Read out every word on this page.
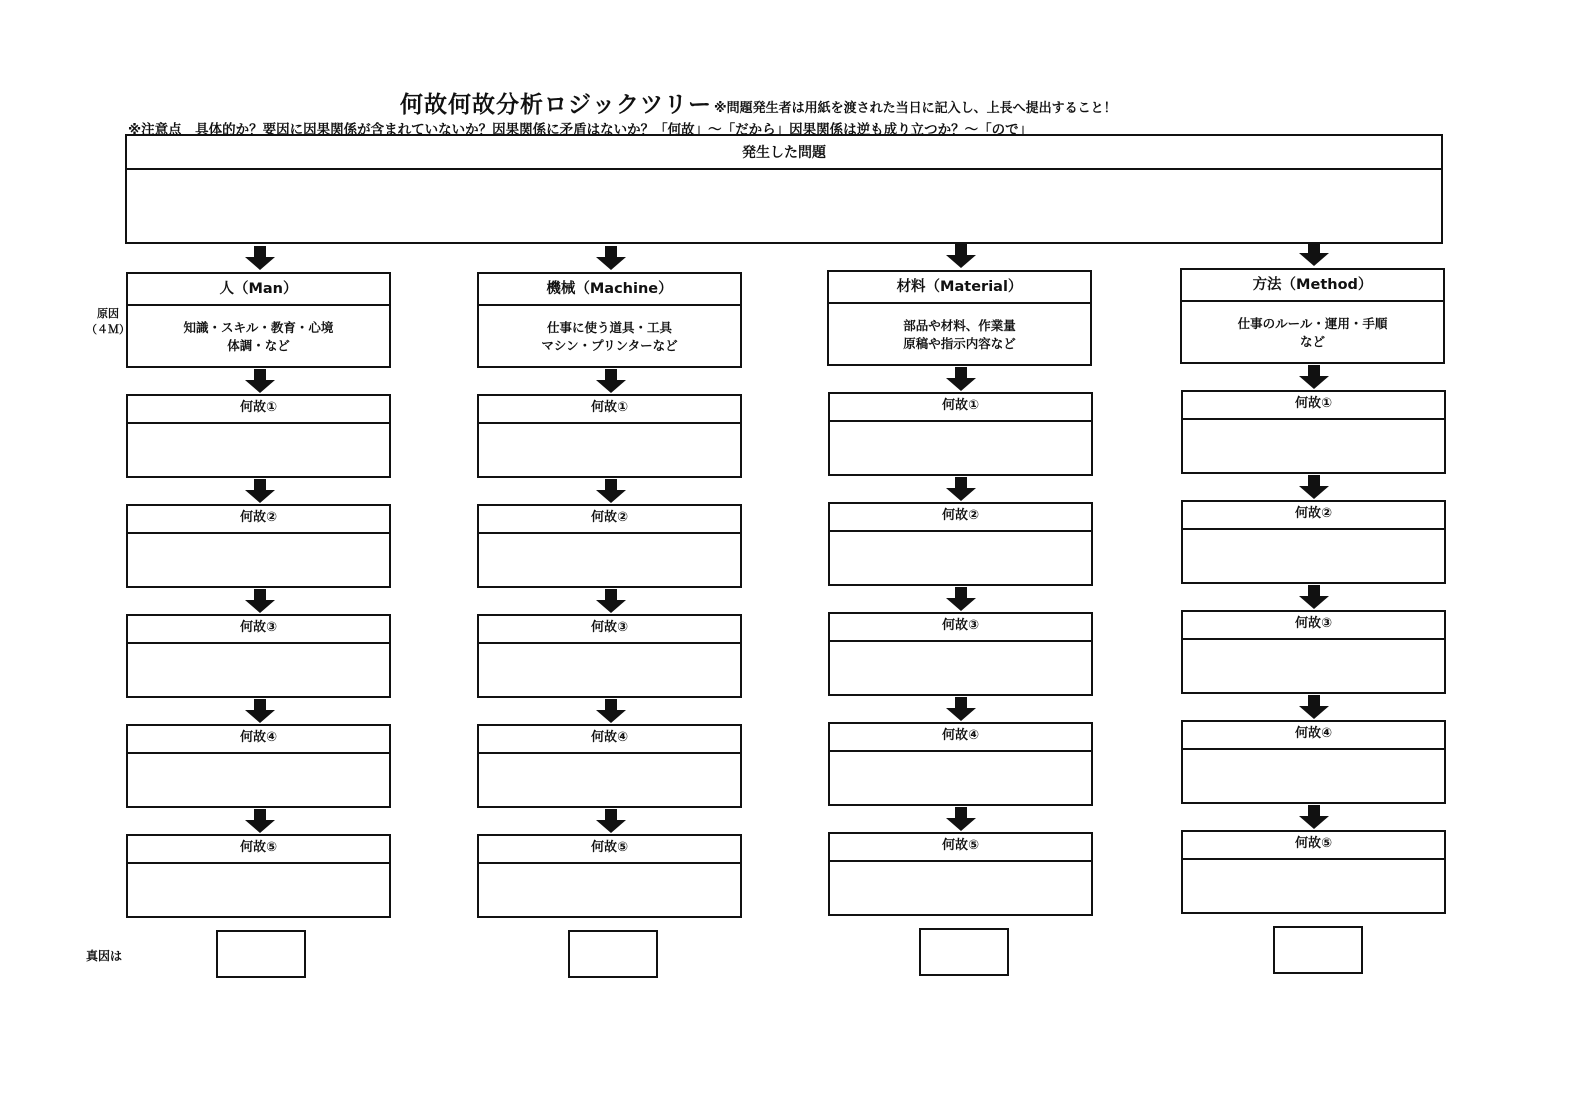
何故何故分析ロジックツリー ※問題発生者は用紙を渡された当日に記入し、上長へ提出すること！
※注意点　具体的か？要因に因果関係が含まれていないか？因果関係に矛盾はないか？「何故」～「だから」因果関係は逆も成り立つか？～「ので」
発生した問題
原因
（４Ｍ）
真因は
人（Man）
知識・スキル・教育・心境
体調・など
何故①
何故②
何故③
何故④
何故⑤
機械（Machine）
仕事に使う道具・工具
マシン・プリンターなど
何故①
何故②
何故③
何故④
何故⑤
材料（Material）
部品や材料、作業量
原稿や指示内容など
何故①
何故②
何故③
何故④
何故⑤
方法（Method）
仕事のルール・運用・手順
など
何故①
何故②
何故③
何故④
何故⑤
